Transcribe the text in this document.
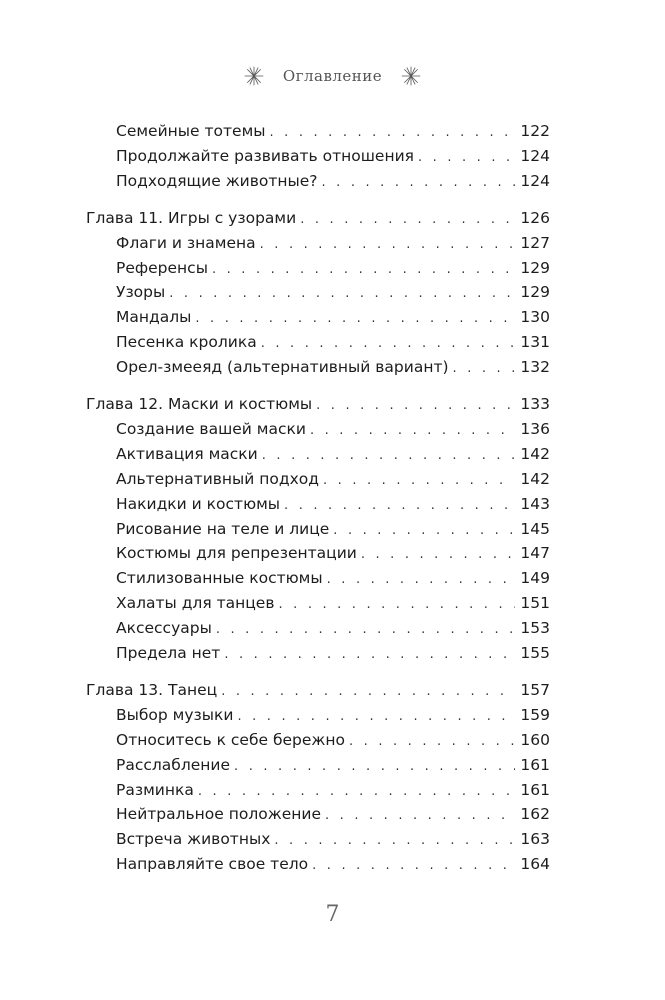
Оглавление
Семейные тотемы . . .	122
Продолжайте развивать отношения . . .	124
Подходящие животные? . . .	124
Глава 11. Игры с узорами . . .	126
Флаги и знамена . . .	127
Референсы . . .	129
Узоры . . .	129
Мандалы . . .	130
Песенка кролика . . .	131
Орел-змееяд (альтернативный вариант) . . .	132
Глава 12. Маски и костюмы . . .	133
Создание вашей маски . . .	136
Активация маски . . .	142
Альтернативный подход . . .	142
Накидки и костюмы . . .	143
Рисование на теле и лице . . .	145
Костюмы для репрезентации . . .	147
Стилизованные костюмы . . .	149
Халаты для танцев . . .	151
Аксессуары . . .	153
Предела нет . . .	155
Глава 13. Танец . . .	157
Выбор музыки . . .	159
Относитесь к себе бережно . . .	160
Расслабление . . .	161
Разминка . . .	161
Нейтральное положение . . .	162
Встреча животных . . .	163
Направляйте свое тело . . .	164
7
